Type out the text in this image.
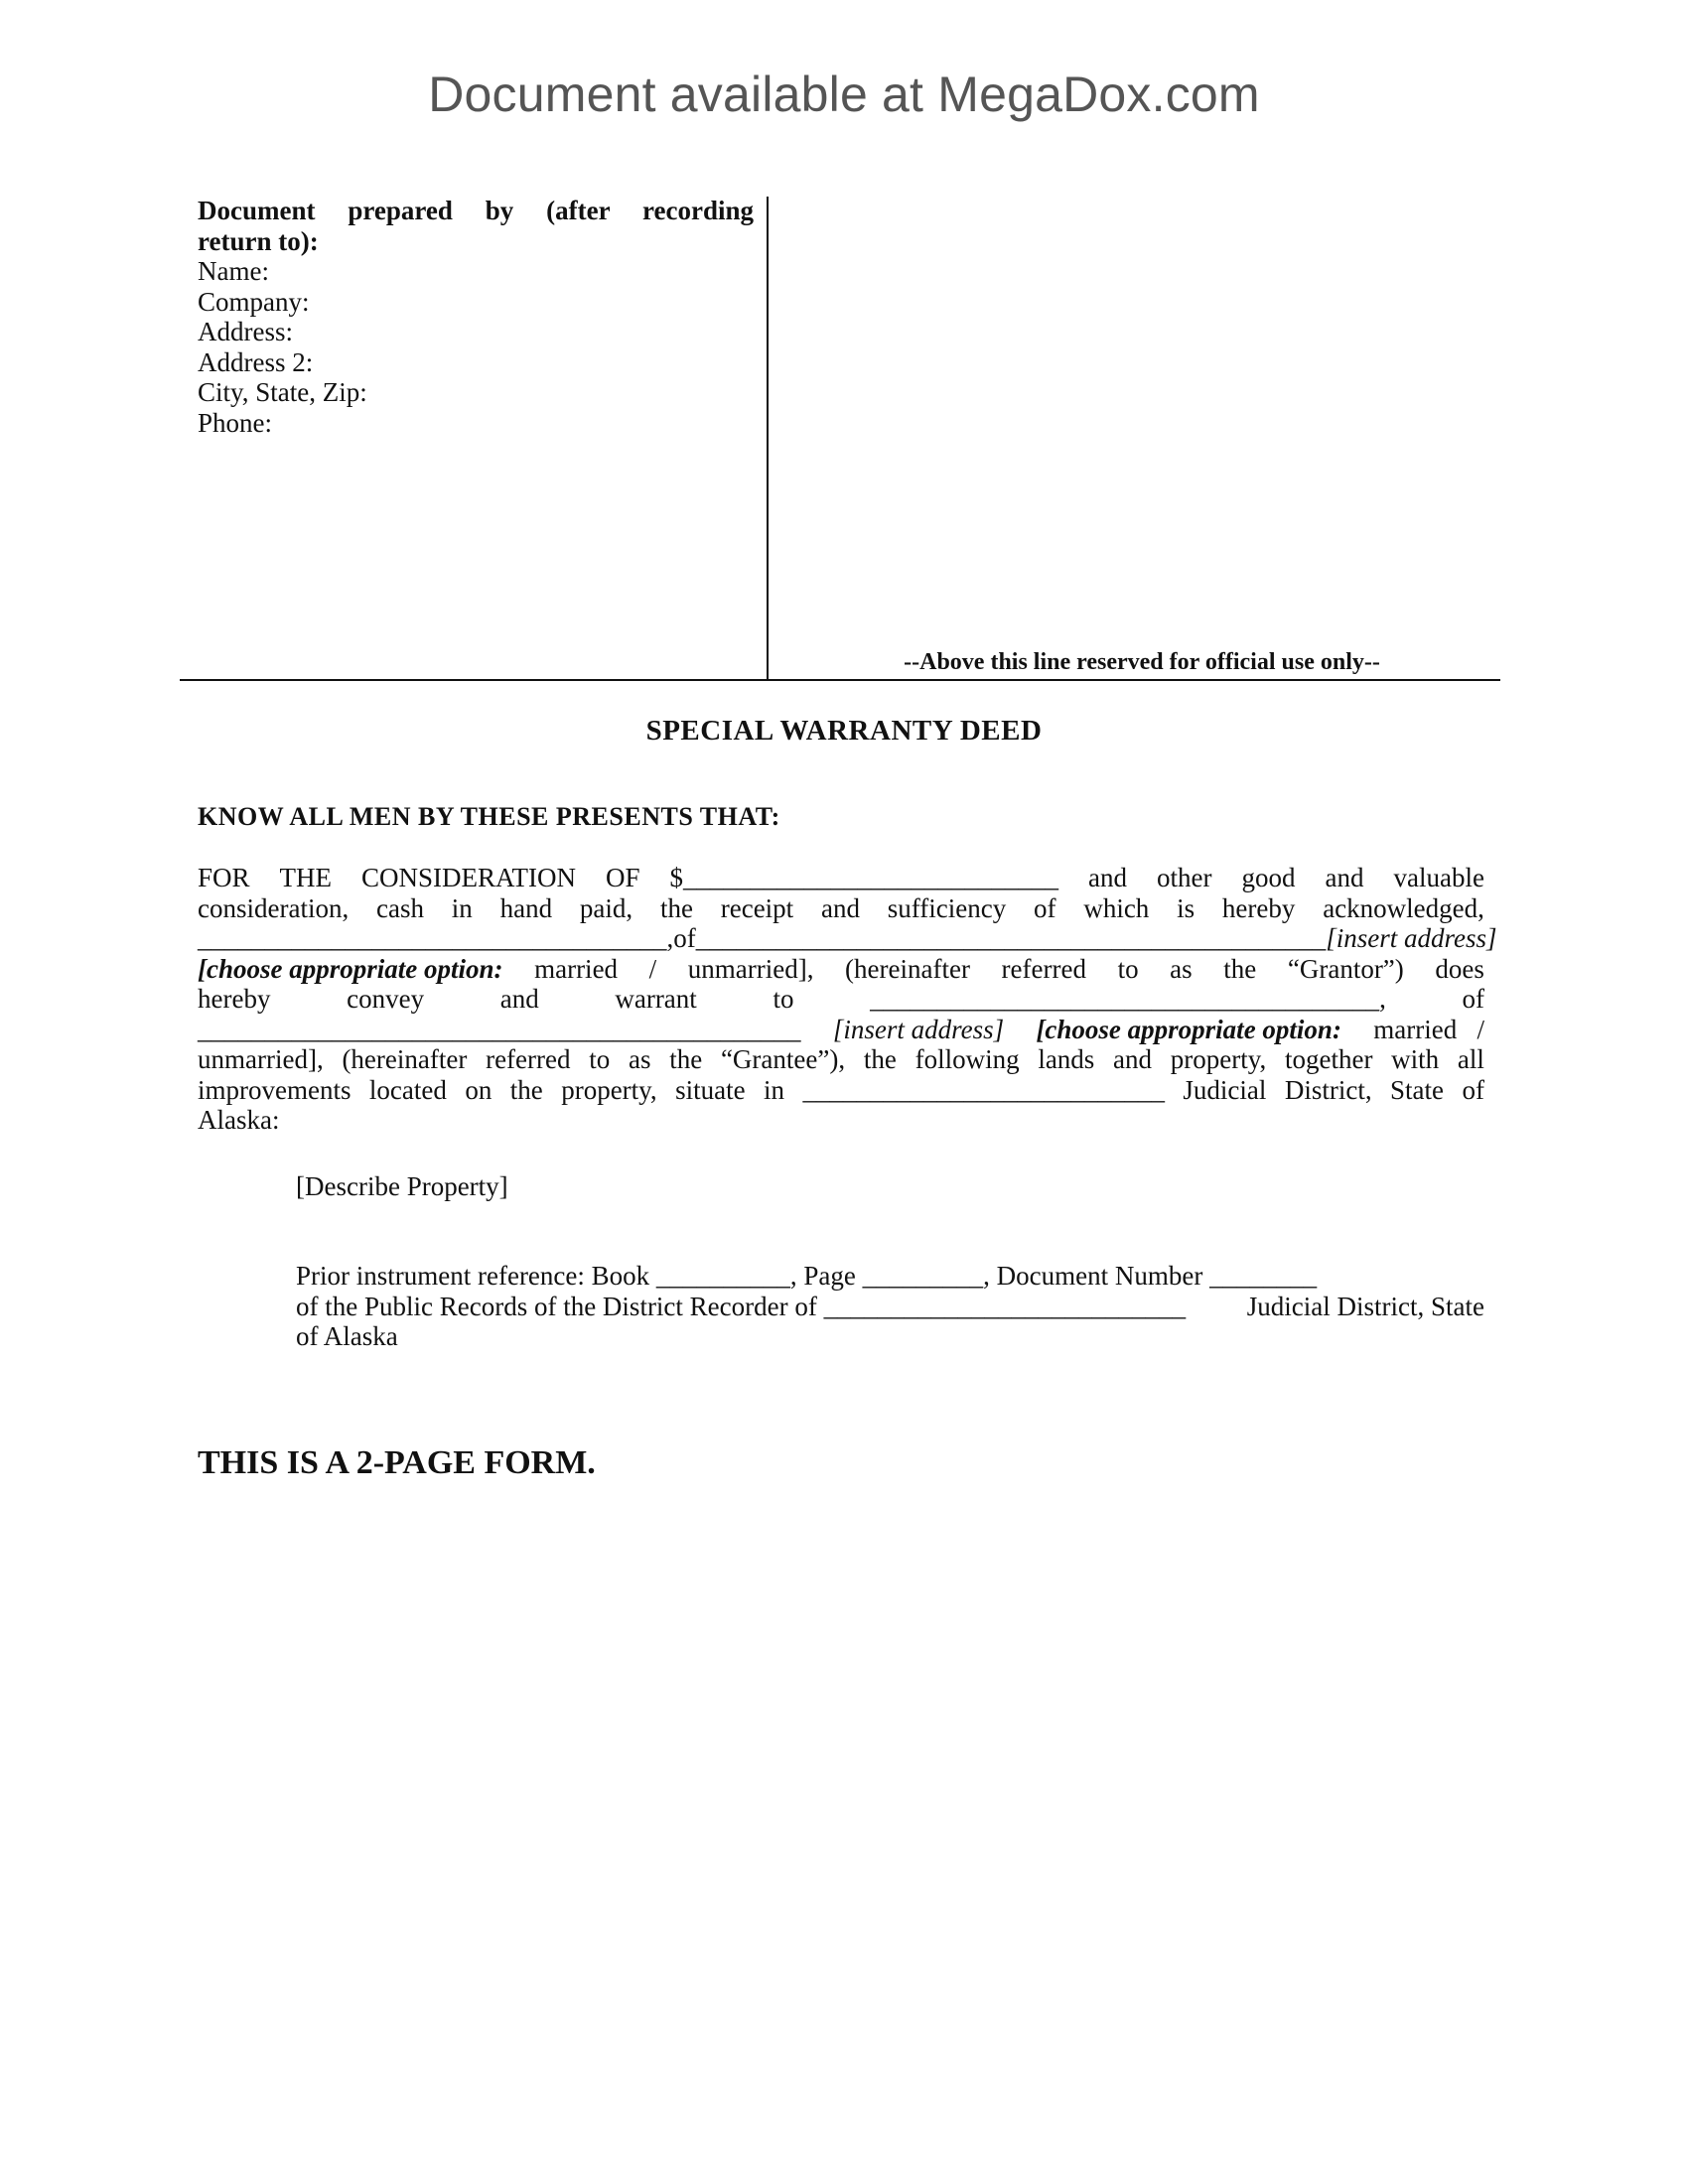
Document available at MegaDox.com
Document prepared by (after recording
return to):
Name:
Company:
Address:
Address 2:
City, State, Zip:
Phone:
--Above this line reserved for official use only--
SPECIAL WARRANTY DEED
KNOW ALL MEN BY THESE PRESENTS THAT:
FOR THE CONSIDERATION OF $____________________________ and other good and valuable
consideration, cash in hand paid, the receipt and sufficiency of which is hereby acknowledged,
___________________________________, of _______________________________________________ [insert address]
[choose appropriate option: married / unmarried], (hereinafter referred to as the “Grantor”) does
hereby	convey	and	warrant	to	______________________________________,	of
_____________________________________________ [insert address] [choose appropriate option: married   /
unmarried], (hereinafter referred to as the “Grantee”), the following lands and property, together with all
improvements located on the property, situate in ___________________________ Judicial District, State of
Alaska:
[Describe Property]
Prior instrument reference: Book __________, Page _________, Document Number ________
of the Public Records of the District Recorder of ___________________________ Judicial District, State
of Alaska
THIS IS A 2-PAGE FORM.
